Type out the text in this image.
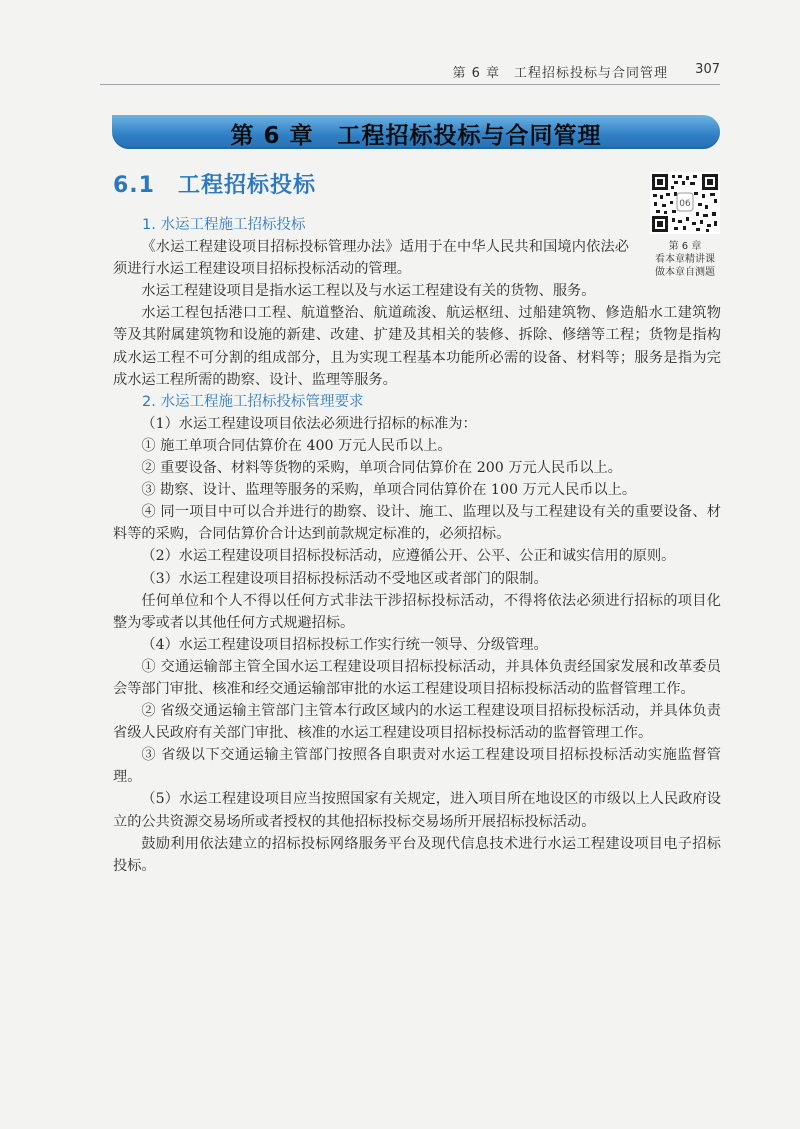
第 6 章　工程招标投标与合同管理 307
第 6 章　工程招标投标与合同管理
6.1　工程招标投标
06
第 6 章
看本章精讲课
做本章自测题

1. 水运工程施工招标投标

《水运工程建设项目招标投标管理办法》适用于在中华人民共和国境内依法必须进行水运工程建设项目招标投标活动的管理。

水运工程建设项目是指水运工程以及与水运工程建设有关的货物、服务。

水运工程包括港口工程、航道整治、航道疏浚、航运枢纽、过船建筑物、修造船水工建筑物等及其附属建筑物和设施的新建、改建、扩建及其相关的装修、拆除、修缮等工程；货物是指构成水运工程不可分割的组成部分，且为实现工程基本功能所必需的设备、材料等；服务是指为完成水运工程所需的勘察、设计、监理等服务。

2. 水运工程施工招标投标管理要求

（1）水运工程建设项目依法必须进行招标的标准为：

① 施工单项合同估算价在 400 万元人民币以上。

② 重要设备、材料等货物的采购，单项合同估算价在 200 万元人民币以上。

③ 勘察、设计、监理等服务的采购，单项合同估算价在 100 万元人民币以上。

④ 同一项目中可以合并进行的勘察、设计、施工、监理以及与工程建设有关的重要设备、材料等的采购，合同估算价合计达到前款规定标准的，必须招标。

（2）水运工程建设项目招标投标活动，应遵循公开、公平、公正和诚实信用的原则。

（3）水运工程建设项目招标投标活动不受地区或者部门的限制。

任何单位和个人不得以任何方式非法干涉招标投标活动，不得将依法必须进行招标的项目化整为零或者以其他任何方式规避招标。

（4）水运工程建设项目招标投标工作实行统一领导、分级管理。

① 交通运输部主管全国水运工程建设项目招标投标活动，并具体负责经国家发展和改革委员会等部门审批、核准和经交通运输部审批的水运工程建设项目招标投标活动的监督管理工作。

② 省级交通运输主管部门主管本行政区域内的水运工程建设项目招标投标活动，并具体负责省级人民政府有关部门审批、核准的水运工程建设项目招标投标活动的监督管理工作。

③ 省级以下交通运输主管部门按照各自职责对水运工程建设项目招标投标活动实施监督管理。

（5）水运工程建设项目应当按照国家有关规定，进入项目所在地设区的市级以上人民政府设立的公共资源交易场所或者授权的其他招标投标交易场所开展招标投标活动。

鼓励利用依法建立的招标投标网络服务平台及现代信息技术进行水运工程建设项目电子招标投标。
